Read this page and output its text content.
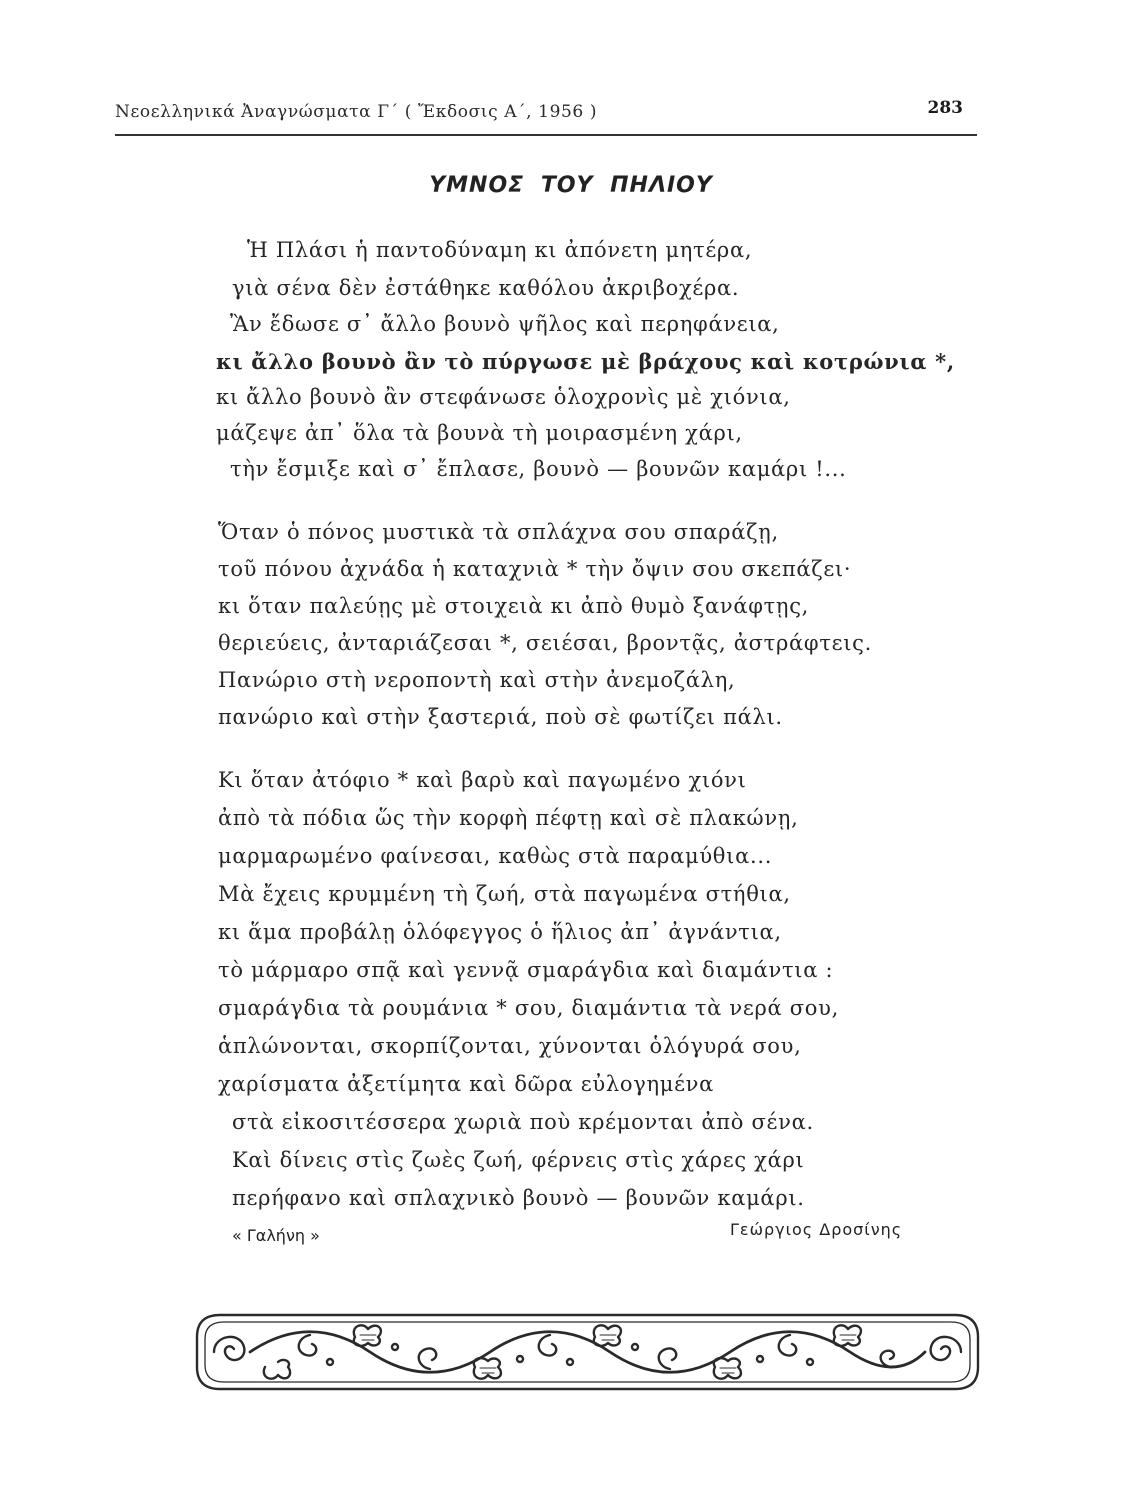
Νεοελληνικά Ἀναγνώσματα Γ΄ ( Ἔκδοσις Α΄, 1956 )	283
ΥΜΝΟΣ ΤΟΥ ΠΗΛΙΟΥ
Ἡ Πλάσι ἡ παντοδύναμη κι ἀπόνετη μητέρα,
γιὰ σένα δὲν ἐστάθηκε καθόλου ἀκριβοχέρα.
Ἂν ἔδωσε σ᾿ ἄλλο βουνὸ ψῆλος καὶ περηφάνεια,
κι ἄλλο βουνὸ ἂν τὸ πύργωσε μὲ βράχους καὶ κοτρώνια *,
κι ἄλλο βουνὸ ἂν στεφάνωσε ὁλοχρονὶς μὲ χιόνια,
μάζεψε ἀπ᾿ ὅλα τὰ βουνὰ τὴ μοιρασμένη χάρι,
τὴν ἔσμιξε καὶ σ᾿ ἔπλασε, βουνὸ — βουνῶν καμάρι !...
Ὅταν ὁ πόνος μυστικὰ τὰ σπλάχνα σου σπαράζῃ,
τοῦ πόνου ἀχνάδα ἡ καταχνιὰ * τὴν ὄψιν σου σκεπάζει·
κι ὅταν παλεύῃς μὲ στοιχειὰ κι ἀπὸ θυμὸ ξανάφτῃς,
θεριεύεις, ἀνταριάζεσαι *, σειέσαι, βροντᾷς, ἀστράφτεις.
Πανώριο στὴ νεροποντὴ καὶ στὴν ἀνεμοζάλη,
πανώριο καὶ στὴν ξαστεριά, ποὺ σὲ φωτίζει πάλι.
Κι ὅταν ἀτόφιο * καὶ βαρὺ καὶ παγωμένο χιόνι
ἀπὸ τὰ πόδια ὥς τὴν κορφὴ πέφτῃ καὶ σὲ πλακώνῃ,
μαρμαρωμένο φαίνεσαι, καθὼς στὰ παραμύθια...
Μὰ ἔχεις κρυμμένη τὴ ζωή, στὰ παγωμένα στήθια,
κι ἅμα προβάλῃ ὁλόφεγγος ὁ ἥλιος ἀπ᾿ ἀγνάντια,
τὸ μάρμαρο σπᾷ καὶ γεννᾷ σμαράγδια καὶ διαμάντια :
σμαράγδια τὰ ρουμάνια * σου, διαμάντια τὰ νερά σου,
ἁπλώνονται, σκορπίζονται, χύνονται ὁλόγυρά σου,
χαρίσματα ἀξετίμητα καὶ δῶρα εὐλογημένα
στὰ εἰκοσιτέσσερα χωριὰ ποὺ κρέμονται ἀπὸ σένα.
Καὶ δίνεις στὶς ζωὲς ζωή, φέρνεις στὶς χάρες χάρι
περήφανο καὶ σπλαχνικὸ βουνὸ — βουνῶν καμάρι.
« Γαλήνη »	Γεώργιος Δροσίνης
